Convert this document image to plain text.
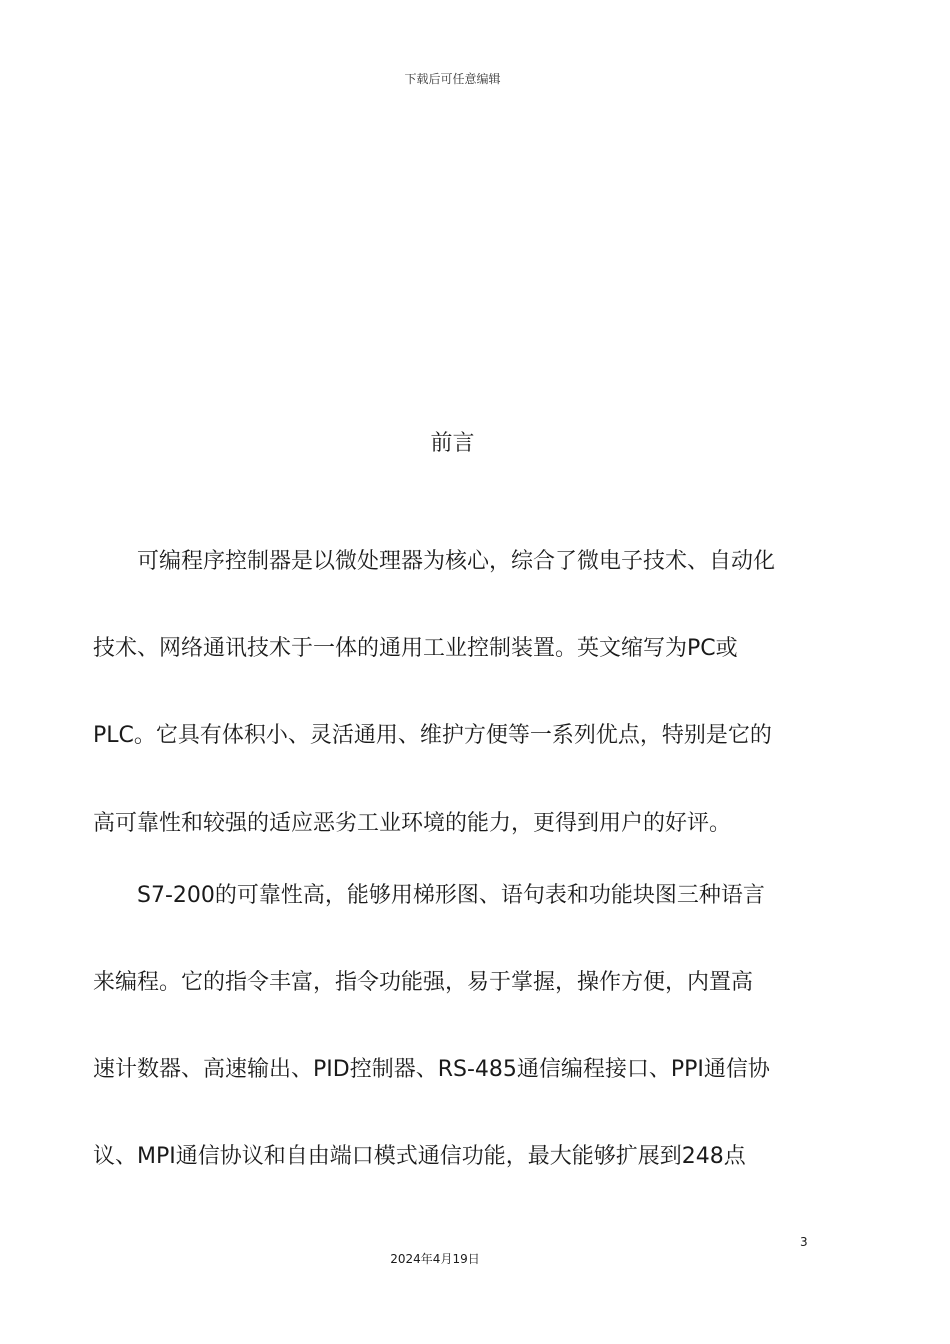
下载后可任意编辑
前言
　　可编程序控制器是以微处理器为核心，综合了微电子技术、自动化
技术、网络通讯技术于一体的通用工业控制装置。英文缩写为PC或
PLC。它具有体积小、灵活通用、维护方便等一系列优点，特别是它的
高可靠性和较强的适应恶劣工业环境的能力，更得到用户的好评。
　　S7-200的可靠性高，能够用梯形图、语句表和功能块图三种语言
来编程。它的指令丰富，指令功能强，易于掌握，操作方便，内置高
速计数器、高速输出、PID控制器、RS-485通信编程接口、PPI通信协
议、MPI通信协议和自由端口模式通信功能，最大能够扩展到248点
3
2024年4月19日
